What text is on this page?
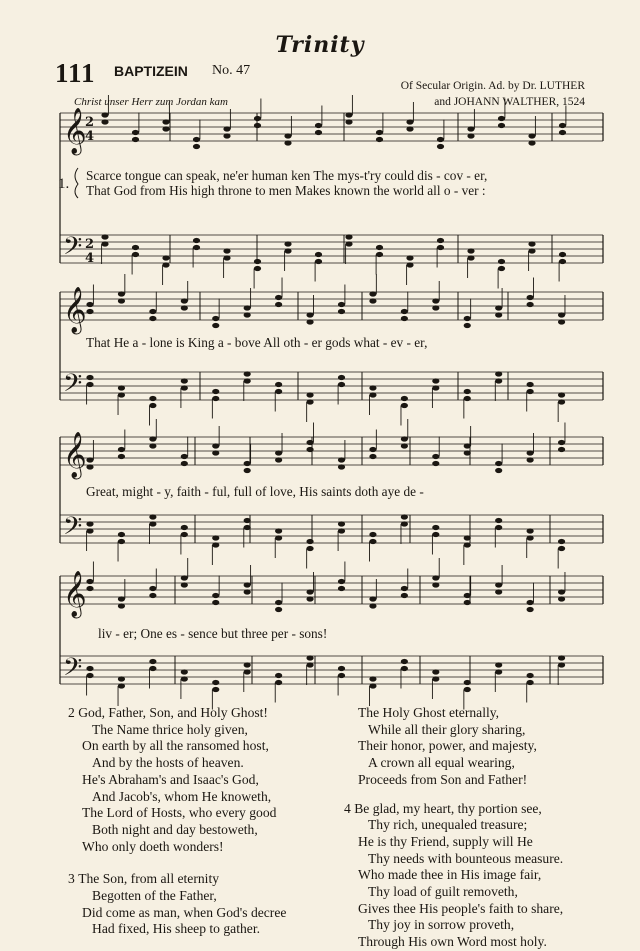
Trinity
111 BAPTIZEIN No. 47
Of Secular Origin. Ad. by Dr. LUTHER
and JOHANN WALTHER, 1524
Christ unser Herr zum Jordan kam
𝄞
2
4
𝄢 2
4
𝄞
𝄢
𝄞
𝄢
𝄞
𝄢
1.
Scarce tongue can speak, ne'er human ken The mys-t'ry could dis - cov - er,
That God from His high throne to men Makes known the world all o - ver :
That He a - lone is King a - bove All oth - er gods what - ev - er,
Great, might - y, faith - ful, full of love, His saints doth aye de -
liv - er; One es - sence but three per - sons!
2 God, Father, Son, and Holy Ghost!
The Name thrice holy given,
On earth by all the ransomed host,
And by the hosts of heaven.
He's Abraham's and Isaac's God,
And Jacob's, whom He knoweth,
The Lord of Hosts, who every good
Both night and day bestoweth,
Who only doeth wonders!
3 The Son, from all eternity
Begotten of the Father,
Did come as man, when God's decree
Had fixed, His sheep to gather.
The Holy Ghost eternally,
While all their glory sharing,
Their honor, power, and majesty,
A crown all equal wearing,
Proceeds from Son and Father!
4 Be glad, my heart, thy portion see,
Thy rich, unequaled treasure;
He is thy Friend, supply will He
Thy needs with bounteous measure.
Who made thee in His image fair,
Thy load of guilt removeth,
Gives thee His people's faith to share,
Thy joy in sorrow proveth,
Through His own Word most holy.
